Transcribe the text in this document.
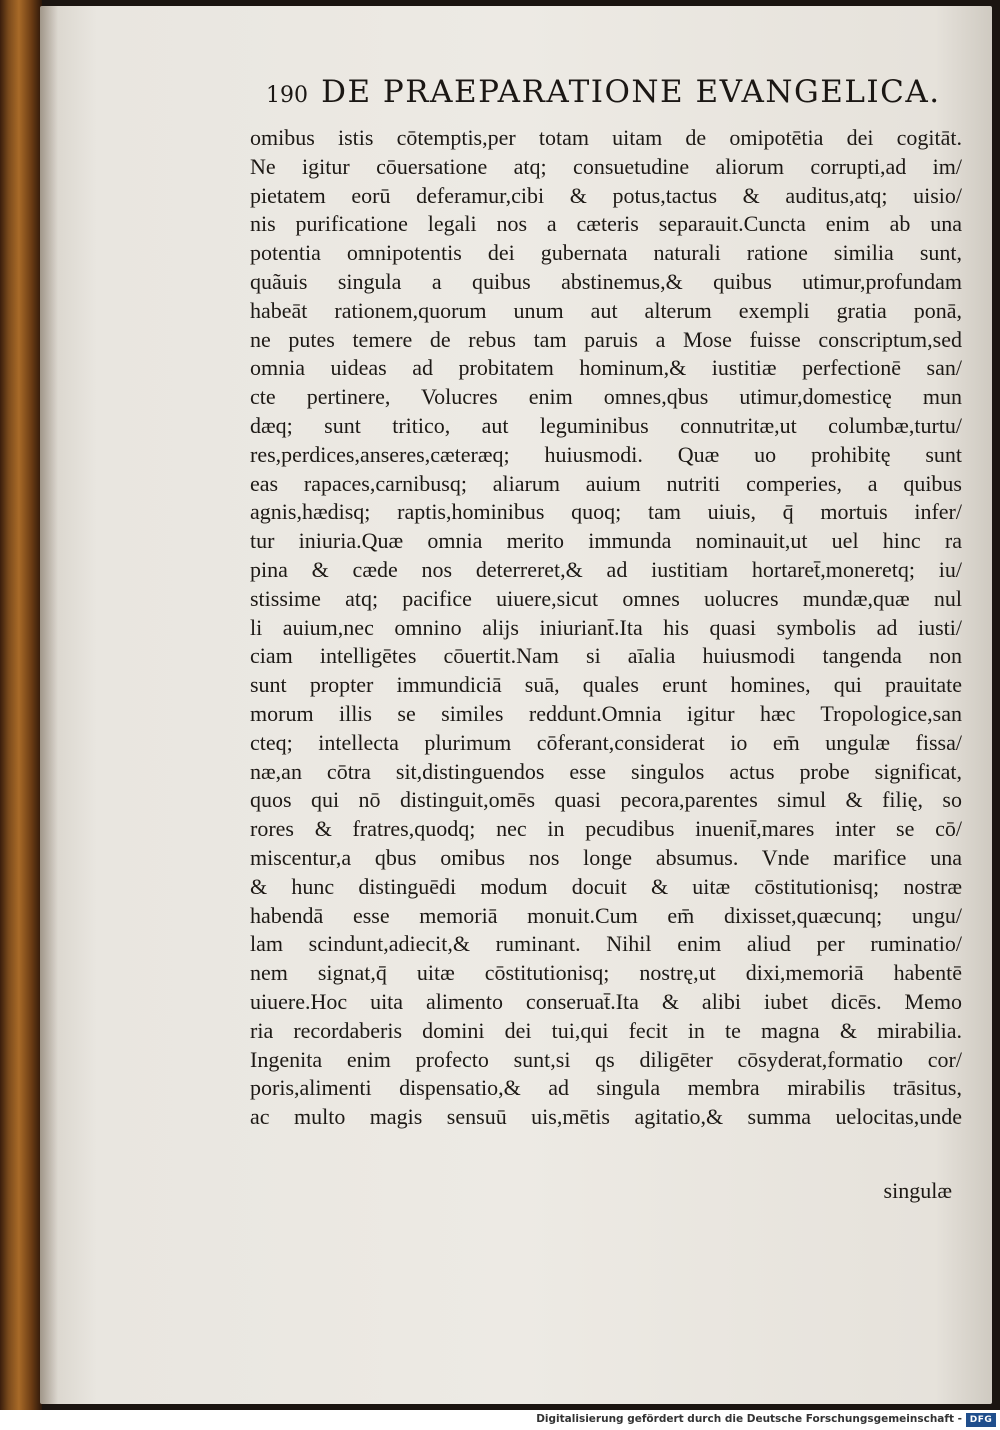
190 DE PRAEPARATIONE EVANGELICA.
omibus istis cōtemptis,per totam uitam de omipotētia dei cogitāt.
Ne igitur cōuersatione atq; consuetudine aliorum corrupti,ad im/
pietatem eorū deferamur,cibi & potus,tactus & auditus,atq; uisio/
nis purificatione legali nos a cæteris separauit.Cuncta enim ab una
potentia omnipotentis dei gubernata naturali ratione similia sunt,
quãuis singula a quibus abstinemus,& quibus utimur,profundam
habeāt rationem,quorum unum aut alterum exempli gratia ponā,
ne putes temere de rebus tam paruis a Mose fuisse conscriptum,sed
omnia uideas ad probitatem hominum,& iustitiæ perfectionē san/
cte pertinere, Volucres enim omnes,qbus utimur,domesticę mun
dæq; sunt tritico, aut leguminibus connutritæ,ut columbæ,turtu/
res,perdices,anseres,cæteræq; huiusmodi. Quæ uo prohibitę sunt
eas rapaces,carnibusq; aliarum auium nutriti comperies, a quibus
agnis,hædisq; raptis,hominibus quoq; tam uiuis, q̄ mortuis infer/
tur iniuria.Quæ omnia merito immunda nominauit,ut uel hinc ra
pina & cæde nos deterreret,& ad iustitiam hortaret̄,moneretq; iu/
stissime atq; pacifice uiuere,sicut omnes uolucres mundæ,quæ nul
li auium,nec omnino alijs iniuriant̄.Ita his quasi symbolis ad iusti/
ciam intelligētes cōuertit.Nam si aīalia huiusmodi tangenda non
sunt propter immundiciā suā, quales erunt homines, qui prauitate
morum illis se similes reddunt.Omnia igitur hæc Tropologice,san
cteq; intellecta plurimum cōferant,considerat io em̄ ungulæ fissa/
næ,an cōtra sit,distinguendos esse singulos actus probe significat,
quos qui nō distinguit,omēs quasi pecora,parentes simul & filię, so
rores & fratres,quodq; nec in pecudibus inuenit̄,mares inter se cō/
miscentur,a qbus omibus nos longe absumus. Vnde marifice una
& hunc distinguēdi modum docuit & uitæ cōstitutionisq; nostræ
habendā esse memoriā monuit.Cum em̄ dixisset,quæcunq; ungu/
lam scindunt,adiecit,& ruminant. Nihil enim aliud per ruminatio/
nem signat,q̄ uitæ cōstitutionisq; nostrę,ut dixi,memoriā habentē
uiuere.Hoc uita alimento conseruat̄.Ita & alibi iubet dicēs. Memo
ria recordaberis domini dei tui,qui fecit in te magna & mirabilia.
Ingenita enim profecto sunt,si qs diligēter cōsyderat,formatio cor/
poris,alimenti dispensatio,& ad singula membra mirabilis trāsitus,
ac multo magis sensuū uis,mētis agitatio,& summa uelocitas,unde
singulæ
Digitalisierung gefördert durch die Deutsche Forschungsgemeinschaft - DFG
